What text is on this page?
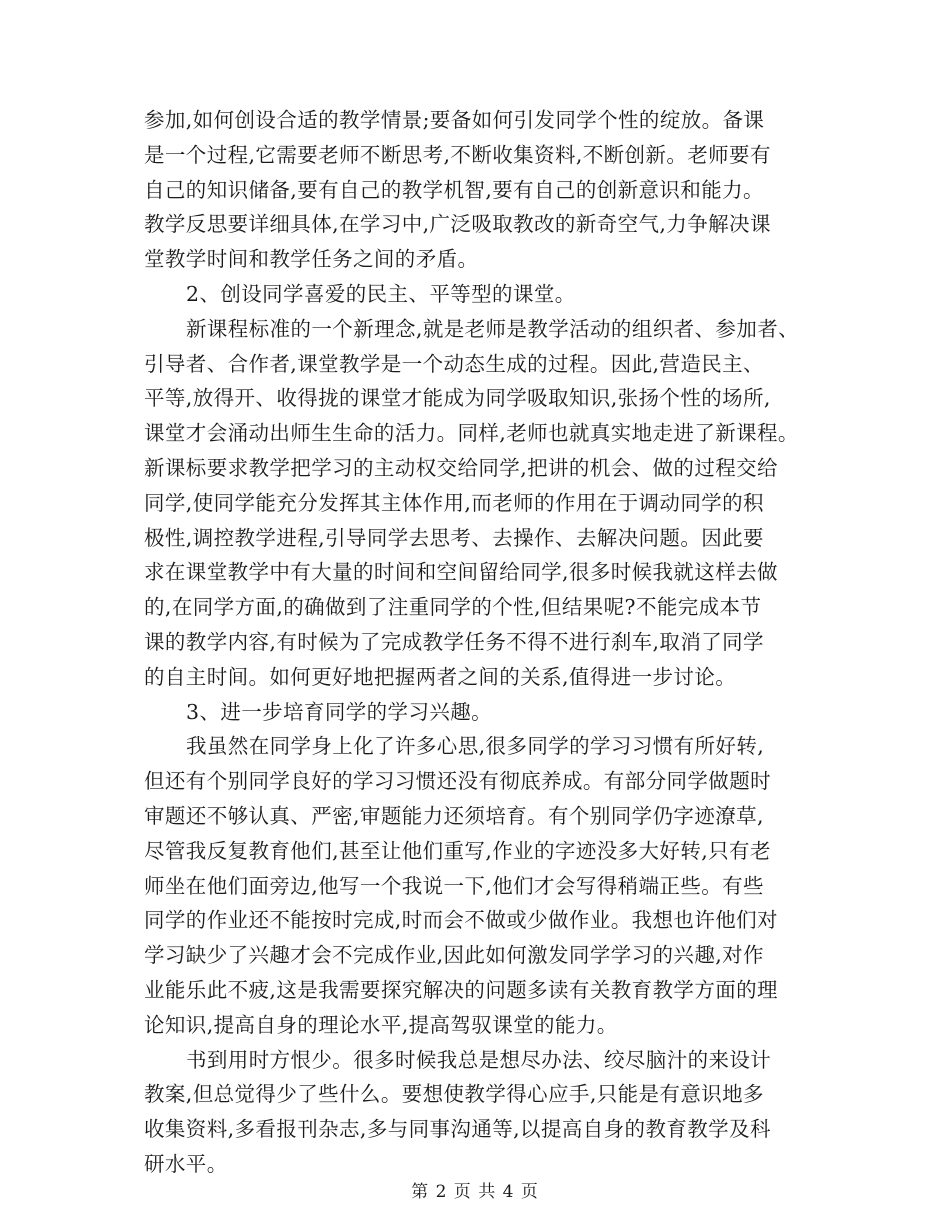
参加,如何创设合适的教学情景;要备如何引发同学个性的绽放。备课
是一个过程,它需要老师不断思考,不断收集资料,不断创新。老师要有
自己的知识储备,要有自己的教学机智,要有自己的创新意识和能力。
教学反思要详细具体,在学习中,广泛吸取教改的新奇空气,力争解决课
堂教学时间和教学任务之间的矛盾。
2、创设同学喜爱的民主、平等型的课堂。
新课程标准的一个新理念,就是老师是教学活动的组织者、参加者、
引导者、合作者,课堂教学是一个动态生成的过程。因此,营造民主、
平等,放得开、收得拢的课堂才能成为同学吸取知识,张扬个性的场所,
课堂才会涌动出师生生命的活力。同样,老师也就真实地走进了新课程。
新课标要求教学把学习的主动权交给同学,把讲的机会、做的过程交给
同学,使同学能充分发挥其主体作用,而老师的作用在于调动同学的积
极性,调控教学进程,引导同学去思考、去操作、去解决问题。因此要
求在课堂教学中有大量的时间和空间留给同学,很多时候我就这样去做
的,在同学方面,的确做到了注重同学的个性,但结果呢?不能完成本节
课的教学内容,有时候为了完成教学任务不得不进行刹车,取消了同学
的自主时间。如何更好地把握两者之间的关系,值得进一步讨论。
3、进一步培育同学的学习兴趣。
我虽然在同学身上化了许多心思,很多同学的学习习惯有所好转,
但还有个别同学良好的学习习惯还没有彻底养成。有部分同学做题时
审题还不够认真、严密,审题能力还须培育。有个别同学仍字迹潦草,
尽管我反复教育他们,甚至让他们重写,作业的字迹没多大好转,只有老
师坐在他们面旁边,他写一个我说一下,他们才会写得稍端正些。有些
同学的作业还不能按时完成,时而会不做或少做作业。我想也许他们对
学习缺少了兴趣才会不完成作业,因此如何激发同学学习的兴趣,对作
业能乐此不疲,这是我需要探究解决的问题多读有关教育教学方面的理
论知识,提高自身的理论水平,提高驾驭课堂的能力。
书到用时方恨少。很多时候我总是想尽办法、绞尽脑汁的来设计
教案,但总觉得少了些什么。要想使教学得心应手,只能是有意识地多
收集资料,多看报刊杂志,多与同事沟通等,以提高自身的教育教学及科
研水平。
第 2 页 共 4 页
